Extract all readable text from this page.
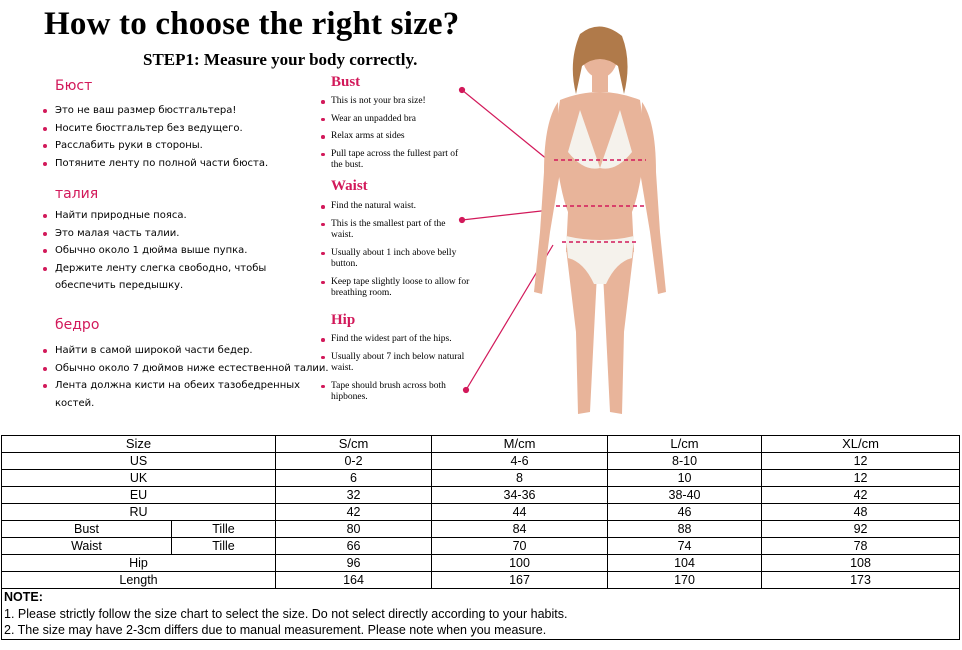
How to choose the right size?
STEP1: Measure your body correctly.
Бюст
Это не ваш размер бюстгальтера!
Носите бюстгальтер без ведущего.
Расслабить руки в стороны.
Потяните ленту по полной части бюста.
талия
Найти природные пояса.
Это малая часть талии.
Обычно около 1 дюйма выше пупка.
Держите ленту слегка свободно, чтобы обеспечить передышку.
бедро
Найти в самой широкой части бедер.
Обычно около 7 дюймов ниже естественной талии.
Лента должна кисти на обеих тазобедренных костей.
Bust
This is not your bra size!
Wear an unpadded bra
Relax arms at sides
Pull tape across the fullest part of the bust.
Waist
Find the natural waist.
This is the smallest part of the waist.
Usually about 1 inch above belly button.
Keep tape slightly loose to allow for breathing room.
Hip
Find the widest part of the hips.
Usually about 7 inch below natural waist.
Tape should brush across both hipbones.
Size		S/cm	M/cm	L/cm	XL/cm
US		0-2	4-6	8-10	12
UK		6	8	10	12
EU		32	34-36	38-40	42
RU		42	44	46	48
Bust	Tille	80	84	88	92
Waist	Tille	66	70	74	78
Hip		96	100	104	108
Length		164	167	170	173

NOTE:
1. Please strictly follow the size chart to select the size. Do not select directly according to your habits.
2. The size may have 2-3cm differs due to manual measurement. Please note when you measure.					
